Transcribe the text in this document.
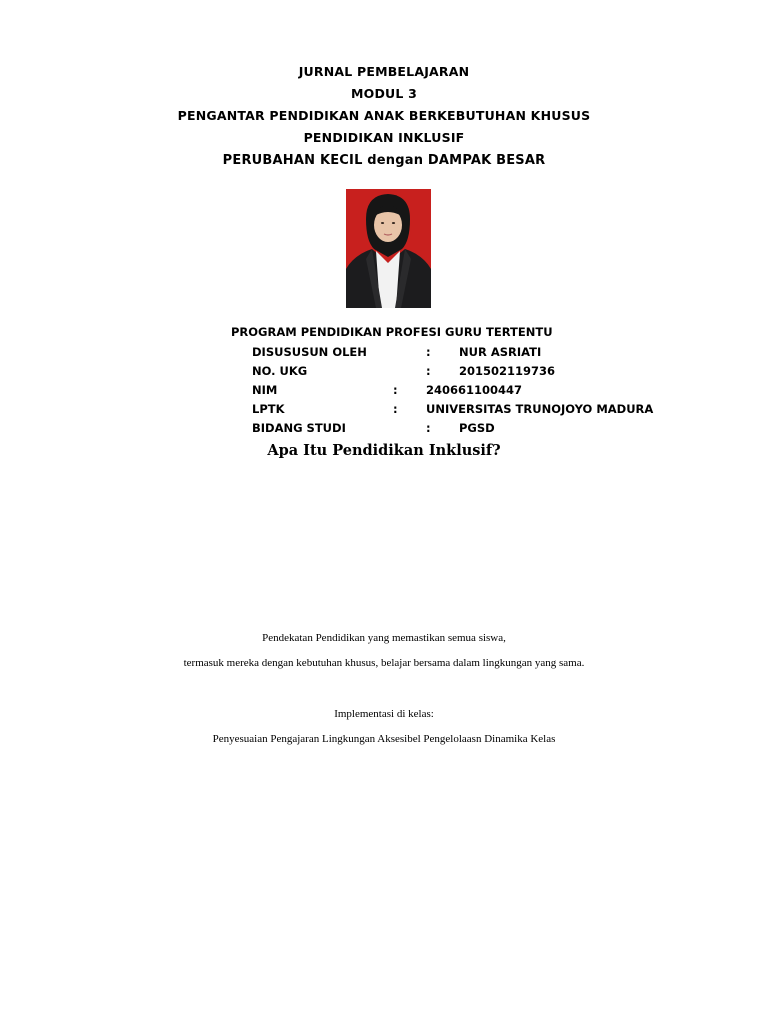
JURNAL PEMBELAJARAN
MODUL 3
PENGANTAR PENDIDIKAN ANAK BERKEBUTUHAN KHUSUS
PENDIDIKAN INKLUSIF
PERUBAHAN KECIL dengan DAMPAK BESAR
PROGRAM PENDIDIKAN PROFESI GURU TERTENTU
DISUSUSUN OLEH	: NUR ASRIATI
NO. UKG	: 201502119736
NIM	: 240661100447
LPTK	: UNIVERSITAS TRUNOJOYO MADURA
BIDANG STUDI	: PGSD
Apa Itu Pendidikan Inklusif?
Pendekatan Pendidikan yang memastikan semua siswa,
termasuk mereka dengan kebutuhan khusus, belajar bersama dalam lingkungan yang sama.
Implementasi di kelas:
Penyesuaian Pengajaran Lingkungan Aksesibel Pengelolaasn Dinamika Kelas
